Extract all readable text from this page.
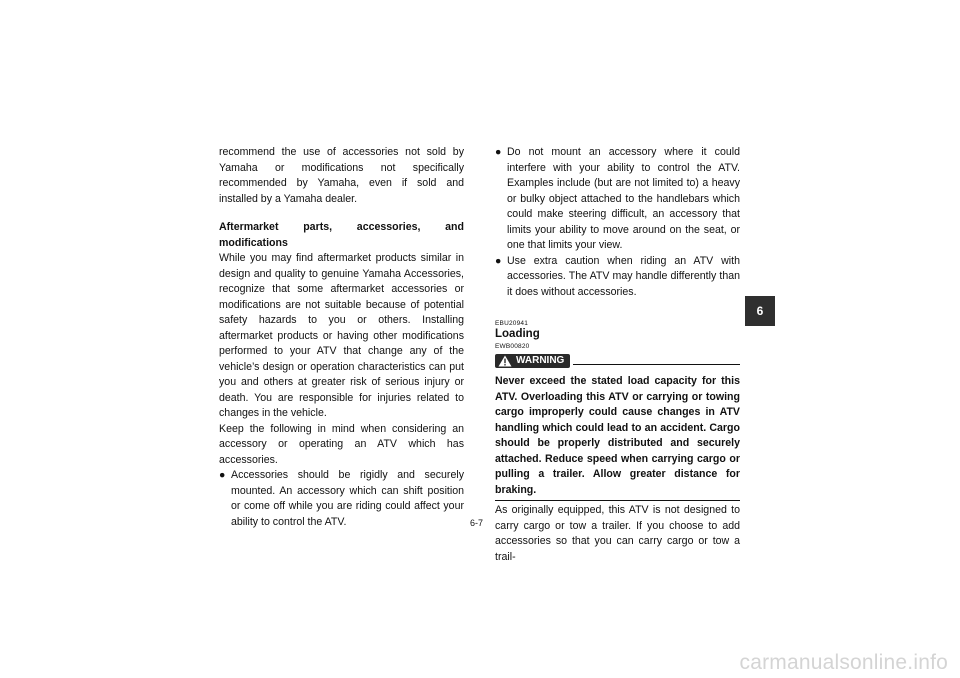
recommend the use of accessories not sold by Yamaha or modifications not specifically recommended by Yamaha, even if sold and installed by a Yamaha dealer.

Aftermarket parts, accessories, and modifications

While you may find aftermarket products similar in design and quality to genuine Yamaha Accessories, recognize that some aftermarket accessories or modifications are not suitable because of potential safety hazards to you or others. Installing aftermarket products or having other modifications performed to your ATV that change any of the vehicle’s design or operation characteristics can put you and others at greater risk of serious injury or death. You are responsible for injuries related to changes in the vehicle.

Keep the following in mind when considering an accessory or operating an ATV which has accessories.

● Accessories should be rigidly and securely mounted. An accessory which can shift position or come off while you are riding could affect your ability to control the ATV.
● Do not mount an accessory where it could interfere with your ability to control the ATV. Examples include (but are not limited to) a heavy or bulky object attached to the handlebars which could make steering difficult, an accessory that limits your ability to move around on the seat, or one that limits your view.
● Use extra caution when riding an ATV with accessories. The ATV may handle differently than it does without accessories.
EBU20941
Loading
EWB00820
WARNING

Never exceed the stated load capacity for this ATV. Overloading this ATV or carrying or towing cargo improperly could cause changes in ATV handling which could lead to an accident. Cargo should be properly distributed and securely attached. Reduce speed when carrying cargo or pulling a trailer. Allow greater distance for braking.

As originally equipped, this ATV is not designed to carry cargo or tow a trailer. If you choose to add accessories so that you can carry cargo or tow a trail-

6
6-7
carmanualsonline.info
